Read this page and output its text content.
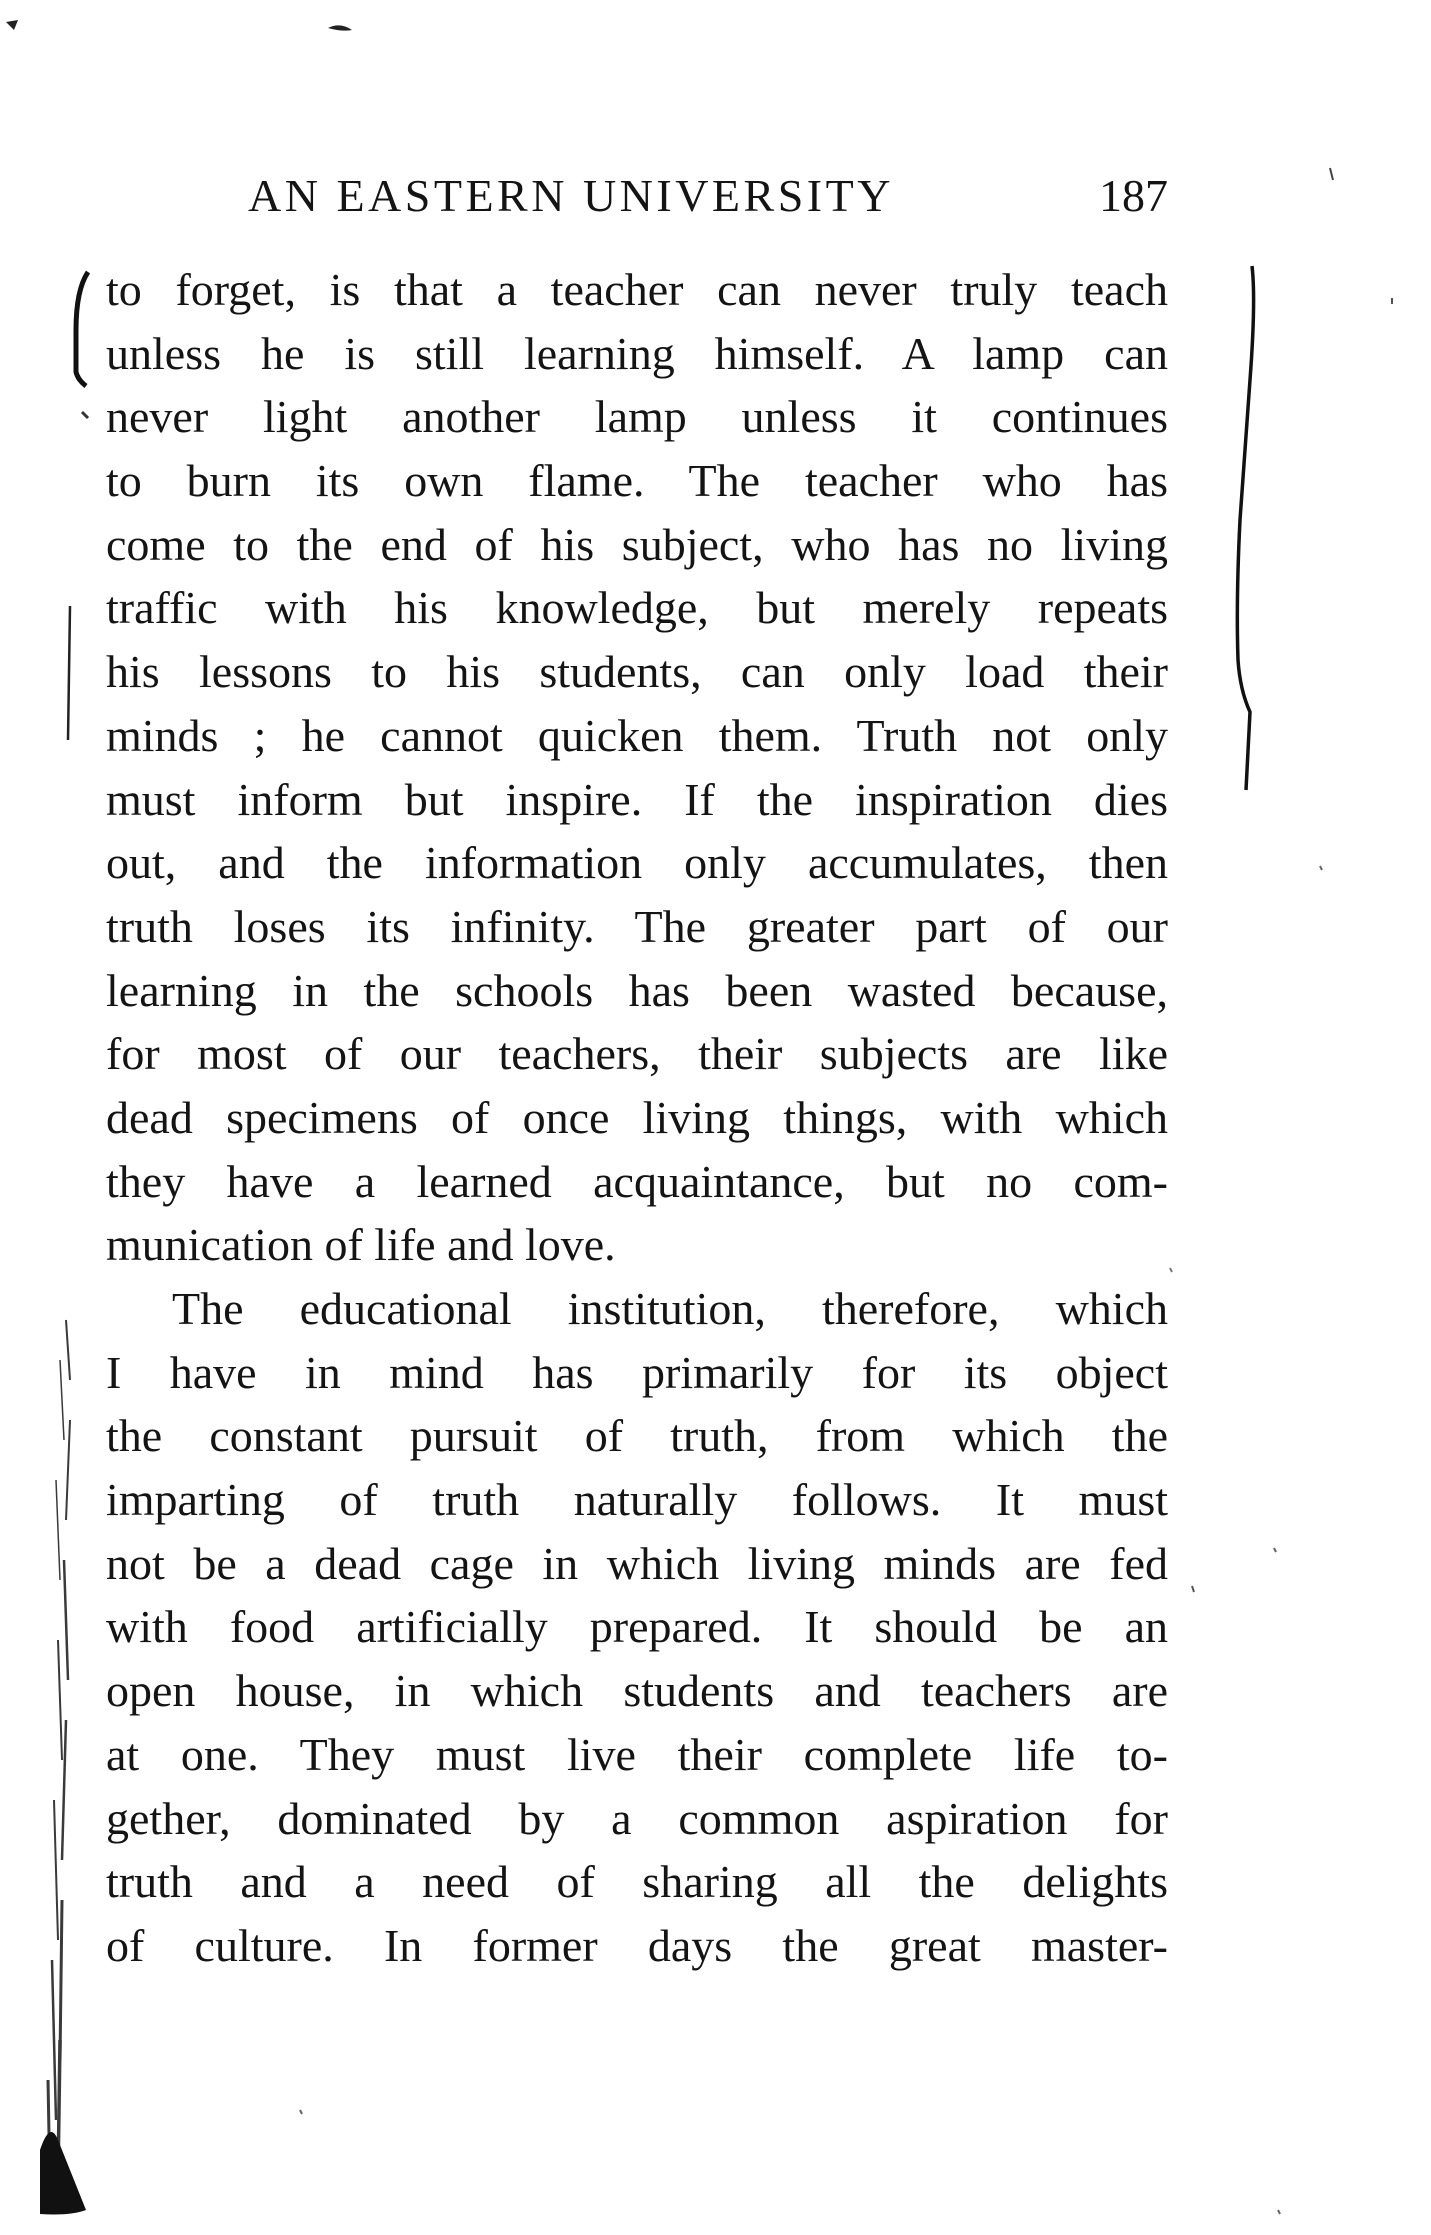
AN EASTERN UNIVERSITY	187
to forget, is that a teacher can never truly teach
unless he is still learning himself. A lamp can
never light another lamp unless it continues
to burn its own flame. The teacher who has
come to the end of his subject, who has no living
traffic with his knowledge, but merely repeats
his lessons to his students, can only load their
minds ; he cannot quicken them. Truth not only
must inform but inspire. If the inspiration dies
out, and the information only accumulates, then
truth loses its infinity. The greater part of our
learning in the schools has been wasted because,
for most of our teachers, their subjects are like
dead specimens of once living things, with which
they have a learned acquaintance, but no com-
munication of life and love.
The educational institution, therefore, which
I have in mind has primarily for its object
the constant pursuit of truth, from which the
imparting of truth naturally follows. It must
not be a dead cage in which living minds are fed
with food artificially prepared. It should be an
open house, in which students and teachers are
at one. They must live their complete life to-
gether, dominated by a common aspiration for
truth and a need of sharing all the delights
of culture. In former days the great master-
